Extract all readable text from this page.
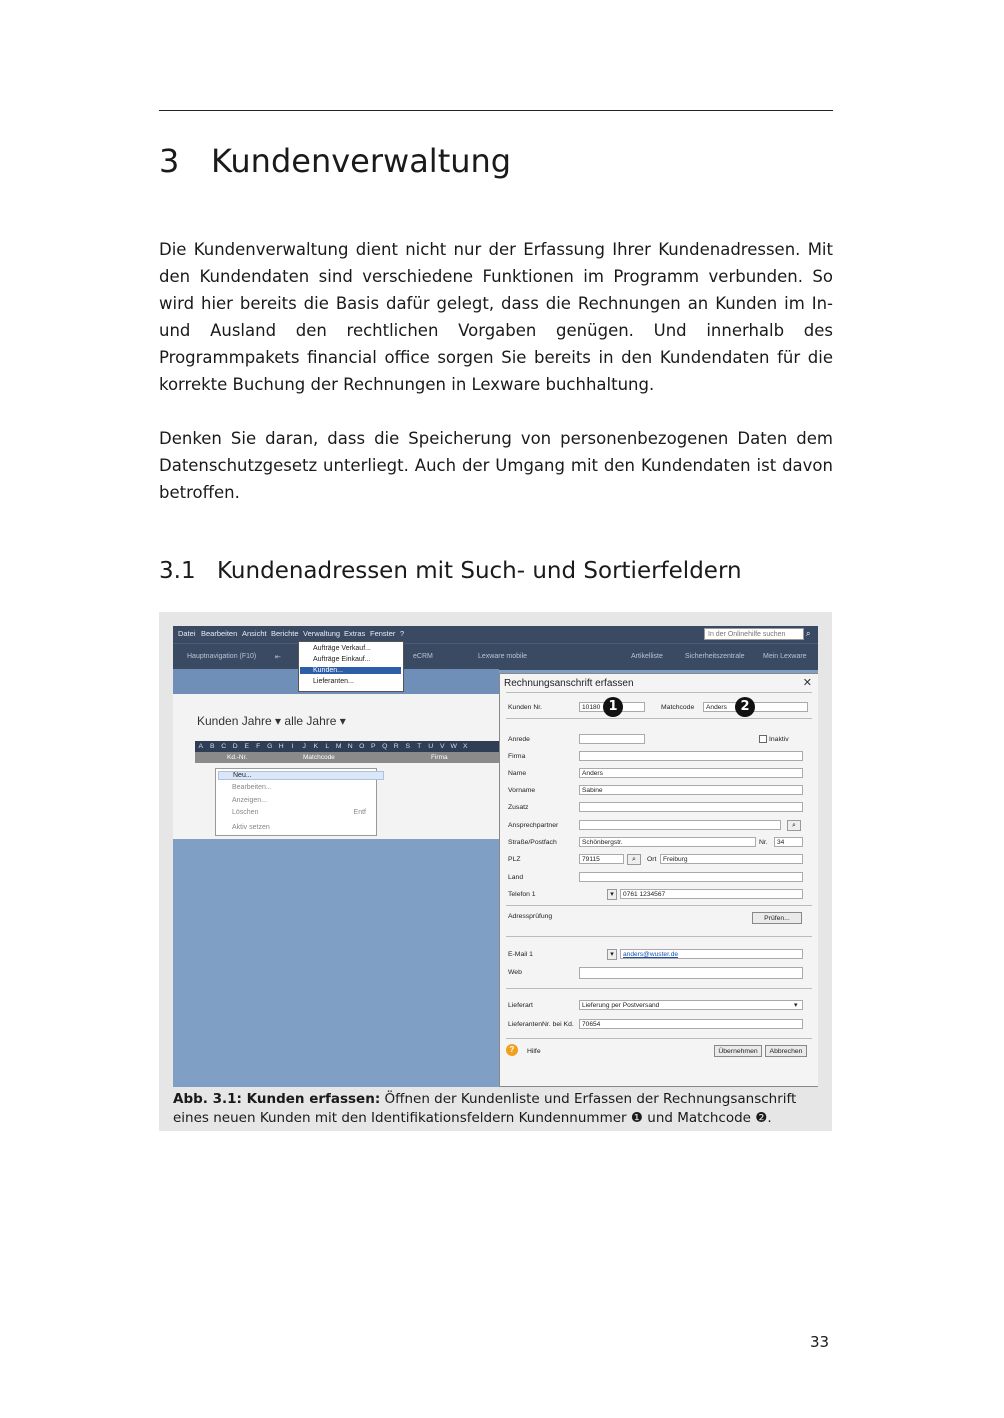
3 Kundenverwaltung

Die Kundenverwaltung dient nicht nur der Erfassung Ihrer Kundenadressen. Mit den Kundendaten sind verschiedene Funktionen im Programm verbunden. So wird hier bereits die Basis dafür gelegt, dass die Rechnungen an Kunden im In- und Ausland den rechtlichen Vorgaben genügen. Und innerhalb des Programmpakets financial office sorgen Sie bereits in den Kundendaten für die korrekte Buchung der Rechnungen in Lexware buchhaltung.

Denken Sie daran, dass die Speicherung von personenbezogenen Daten dem Datenschutzgesetz unterliegt. Auch der Umgang mit den Kundendaten ist davon betroffen.

3.1 Kundenadressen mit Such- und Sortierfeldern
Datei Bearbeiten Ansicht Berichte Verwaltung Extras Fenster ?	In der Onlinehilfe suchen	⌕
Hauptnavigation (F10)	⇤	eCRM	Lexware mobile	Artikelliste	Sicherheitszentrale	Mein Lexware
Kunden Jahre ▾ alle Jahre ▾
A B C D E F G H I J K L M N O P Q R S T U V W X
Kd.-Nr.	Matchcode	Firma
Neu...
Bearbeiten...
Anzeigen...
Löschen	Entf
Aktiv setzen
Aufträge Verkauf...
Aufträge Einkauf...
Kunden...
Lieferanten...	Rechnungsanschrift erfassen	✕
Kunden Nr.	10180 1	Matchcode	Anders	2
Anrede	Inaktiv
Firma
Name	Anders
Vorname	Sabine
Zusatz
Ansprechpartner	⌕
Straße/Postfach	Schönbergstr.	Nr.	34
PLZ	79115	⌕	Ort Freiburg
Land
Telefon 1	▾	0761 1234567
Adressprüfung	Prüfen...
E-Mail 1	▾	anders@wuster.de
Web
Lieferart	Lieferung per Postversand	▾
LieferantenNr. bei Kd.	70654
?	Hilfe	Übernehmen	Abbrechen
Abb. 3.1: Kunden erfassen: Öffnen der Kundenliste und Erfassen der Rechnungsanschrift eines neuen Kunden mit den Identifikationsfeldern Kundennummer ❶ und Matchcode ❷.
33
